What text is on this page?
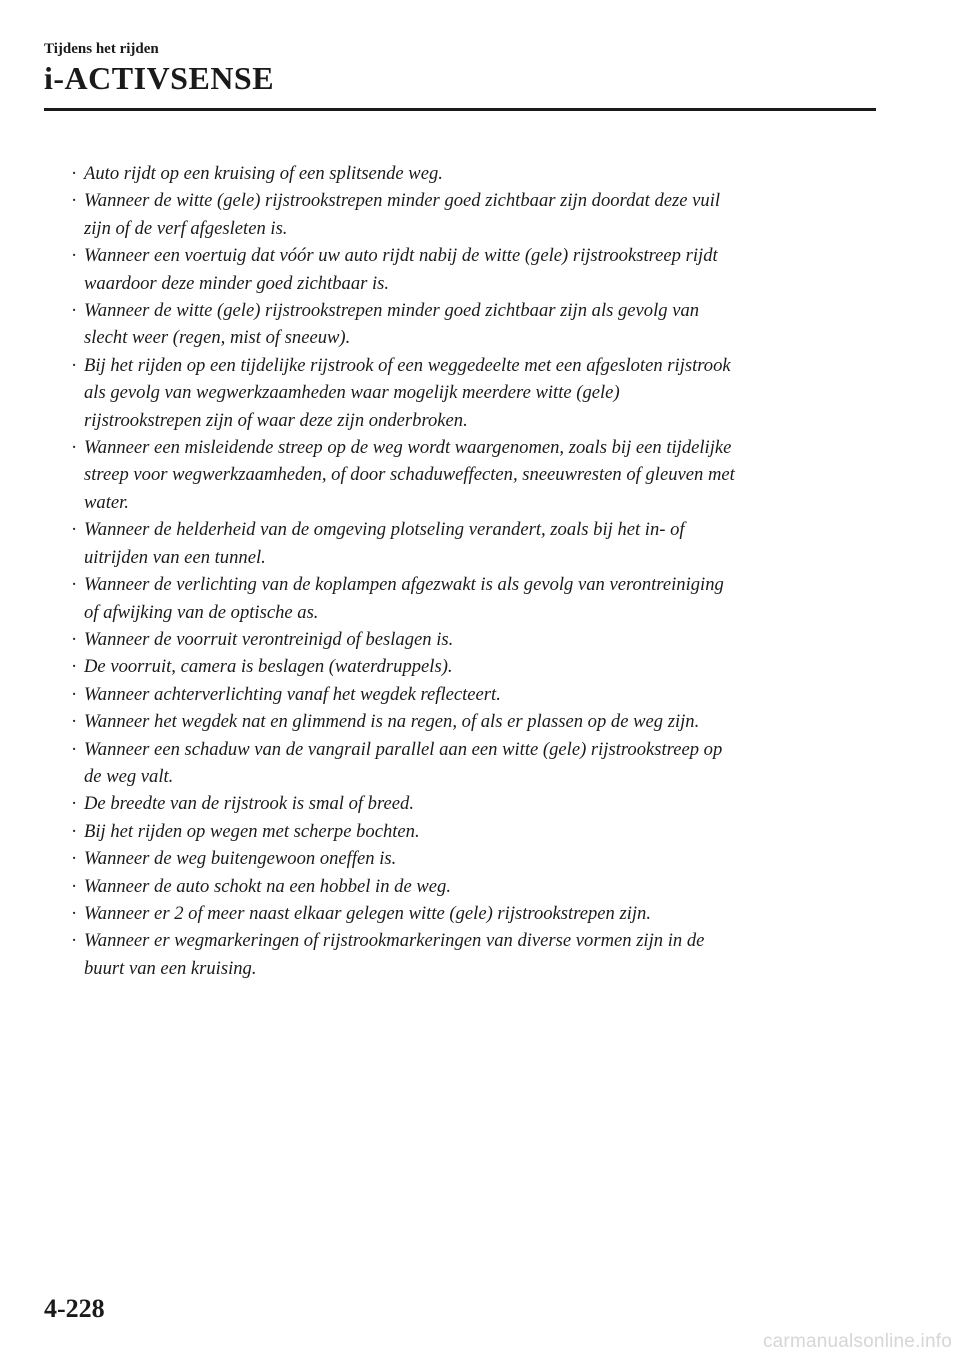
Tijdens het rijden

i-ACTIVSENSE
· Auto rijdt op een kruising of een splitsende weg.
· Wanneer de witte (gele) rijstrookstrepen minder goed zichtbaar zijn doordat deze vuil
zijn of de verf afgesleten is.
· Wanneer een voertuig dat vóór uw auto rijdt nabij de witte (gele) rijstrookstreep rijdt
waardoor deze minder goed zichtbaar is.
· Wanneer de witte (gele) rijstrookstrepen minder goed zichtbaar zijn als gevolg van
slecht weer (regen, mist of sneeuw).
· Bij het rijden op een tijdelijke rijstrook of een weggedeelte met een afgesloten rijstrook
als gevolg van wegwerkzaamheden waar mogelijk meerdere witte (gele)
rijstrookstrepen zijn of waar deze zijn onderbroken.
· Wanneer een misleidende streep op de weg wordt waargenomen, zoals bij een tijdelijke
streep voor wegwerkzaamheden, of door schaduweffecten, sneeuwresten of gleuven met
water.
· Wanneer de helderheid van de omgeving plotseling verandert, zoals bij het in- of
uitrijden van een tunnel.
· Wanneer de verlichting van de koplampen afgezwakt is als gevolg van verontreiniging
of afwijking van de optische as.
· Wanneer de voorruit verontreinigd of beslagen is.
· De voorruit, camera is beslagen (waterdruppels).
· Wanneer achterverlichting vanaf het wegdek reflecteert.
· Wanneer het wegdek nat en glimmend is na regen, of als er plassen op de weg zijn.
· Wanneer een schaduw van de vangrail parallel aan een witte (gele) rijstrookstreep op
de weg valt.
· De breedte van de rijstrook is smal of breed.
· Bij het rijden op wegen met scherpe bochten.
· Wanneer de weg buitengewoon oneffen is.
· Wanneer de auto schokt na een hobbel in de weg.
· Wanneer er 2 of meer naast elkaar gelegen witte (gele) rijstrookstrepen zijn.
· Wanneer er wegmarkeringen of rijstrookmarkeringen van diverse vormen zijn in de
buurt van een kruising.

4-228

carmanualsonline.info
